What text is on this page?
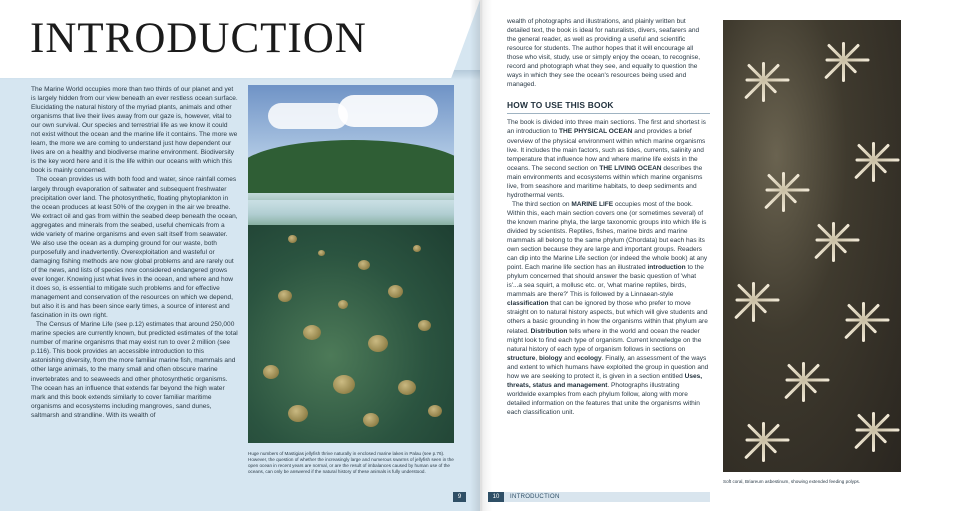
INTRODUCTION

The Marine World occupies more than two thirds of our planet and yet is largely hidden from our view beneath an ever restless ocean surface. Elucidating the natural history of the myriad plants, animals and other organisms that live their lives away from our gaze is, however, vital to our own survival. Our species and terrestrial life as we know it could not exist without the ocean and the marine life it contains. The more we learn, the more we are coming to understand just how dependent our lives are on a healthy and biodiverse marine environment. Biodiversity is the key word here and it is the life within our oceans with which this book is mainly concerned.

The ocean provides us with both food and water, since rainfall comes largely through evaporation of saltwater and subsequent freshwater precipitation over land. The photosynthetic, floating phytoplankton in the ocean produces at least 50% of the oxygen in the air we breathe. We extract oil and gas from within the seabed deep beneath the ocean, aggregates and minerals from the seabed, useful chemicals from a wide variety of marine organisms and even salt itself from seawater. We also use the ocean as a dumping ground for our waste, both purposefully and inadvertently. Overexploitation and wasteful or damaging fishing methods are now global problems and are rarely out of the news, and lists of species now considered endangered grows ever longer. Knowing just what lives in the ocean, and where and how it does so, is essential to mitigate such problems and for effective management and conservation of the resources on which we depend, but also it is and has been since early times, a source of interest and fascination in its own right.

The Census of Marine Life (see p.12) estimates that around 250,000 marine species are currently known, but predicted estimates of the total number of marine organisms that may exist run to over 2 million (see p.116). This book provides an accessible introduction to this astonishing diversity, from the more familiar marine fish, mammals and other large animals, to the many small and often obscure marine invertebrates and to seaweeds and other photosynthetic organisms. The ocean has an influence that extends far beyond the high water mark and this book extends similarly to cover familiar maritime organisms and ecosystems including mangroves, sand dunes, saltmarsh and strandline. With its wealth of

Huge numbers of Mastigias jellyfish thrive naturally in enclosed marine lakes in Palau (see p.76). However, the question of whether the increasingly large and numerous swarms of jellyfish seen in the open ocean in recent years are normal, or are the result of imbalances caused by human use of the oceans, can only be answered if the natural history of these animals is fully understood.
9

wealth of photographs and illustrations, and plainly written but detailed text, the book is ideal for naturalists, divers, seafarers and the general reader, as well as providing a useful and scientific resource for students. The author hopes that it will encourage all those who visit, study, use or simply enjoy the ocean, to recognise, record and photograph what they see, and equally to question the ways in which they see the ocean's resources being used and managed.

HOW TO USE THIS BOOK

The book is divided into three main sections. The first and shortest is an introduction to THE PHYSICAL OCEAN and provides a brief overview of the physical environment within which marine organisms live. It includes the main factors, such as tides, currents, salinity and temperature that influence how and where marine life exists in the oceans. The second section on THE LIVING OCEAN describes the main environments and ecosystems within which marine organisms live, from seashore and maritime habitats, to deep sediments and hydrothermal vents.

The third section on MARINE LIFE occupies most of the book. Within this, each main section covers one (or sometimes several) of the known marine phyla, the large taxonomic groups into which life is divided by scientists. Reptiles, fishes, marine birds and marine mammals all belong to the same phylum (Chordata) but each has its own section because they are large and important groups. Readers can dip into the Marine Life section (or indeed the whole book) at any point. Each marine life section has an illustrated introduction to the phylum concerned that should answer the basic question of 'what is'...a sea squirt, a mollusc etc. or, 'what marine reptiles, birds, mammals are there?' This is followed by a Linnaean-style classification that can be ignored by those who prefer to move straight on to natural history aspects, but which will give students and others a basic grounding in how the organisms within that phylum are related. Distribution tells where in the world and ocean the reader might look to find each type of organism. Current knowledge on the natural history of each type of organism follows in sections on structure, biology and ecology. Finally, an assessment of the ways and extent to which humans have exploited the group in question and how we are seeking to protect it, is given in a section entitled Uses, threats, status and management. Photographs illustrating worldwide examples from each phylum follow, along with more detailed information on the features that unite the organisms within each classification unit.

Soft coral, Briareum asbestinum, showing extended feeding polyps.
10	INTRODUCTION
